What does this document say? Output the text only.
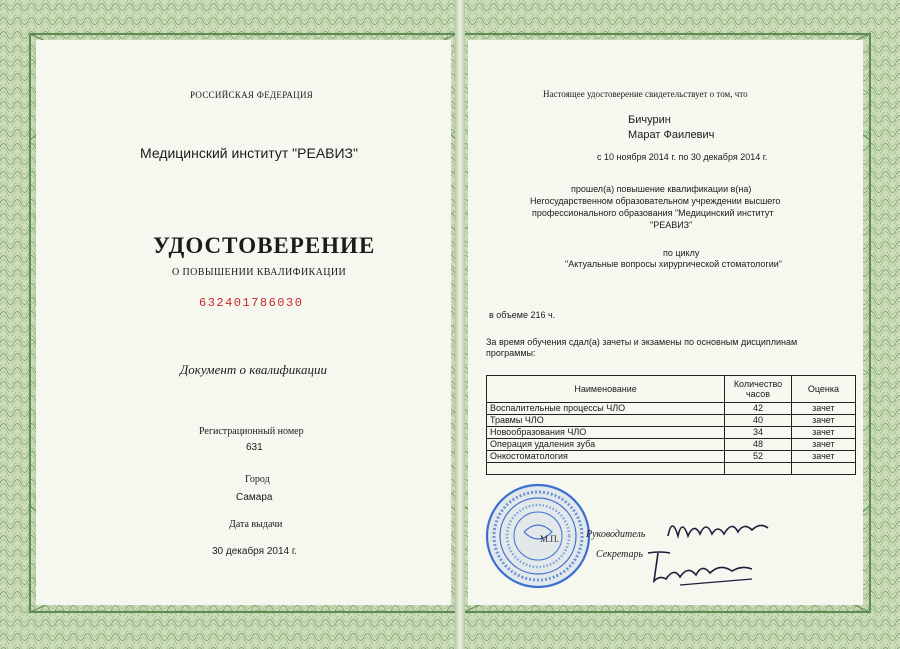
РОССИЙСКАЯ ФЕДЕРАЦИЯ
Медицинский институт "РЕАВИЗ"
УДОСТОВЕРЕНИЕ
О ПОВЫШЕНИИ КВАЛИФИКАЦИИ
632401786030
Документ о квалификации
Регистрационный номер
631
Город
Самара
Дата выдачи
30 декабря 2014 г.
Настоящее удостоверение свидетельствует о том, что
Бичурин
Марат Фаилевич
с 10 ноября 2014 г. по 30 декабря 2014 г.
прошел(а) повышение квалификации в(на)
Негосударственном образовательном учреждении высшего
профессионального образования "Медицинский институт
"РЕАВИЗ"
по циклу
"Актуальные вопросы хирургической стоматологии"
в объеме 216 ч.
За время обучения сдал(а) зачеты и экзамены по основным дисциплинам
программы:
Наименование	Количество часов	Оценка
Воспалительные процессы ЧЛО	42	зачет
Травмы ЧЛО	40	зачет
Новообразования ЧЛО	34	зачет
Операция удаления зуба	48	зачет
Онкостоматология	52	зачет

М.П.	Руководитель
Секретарь
